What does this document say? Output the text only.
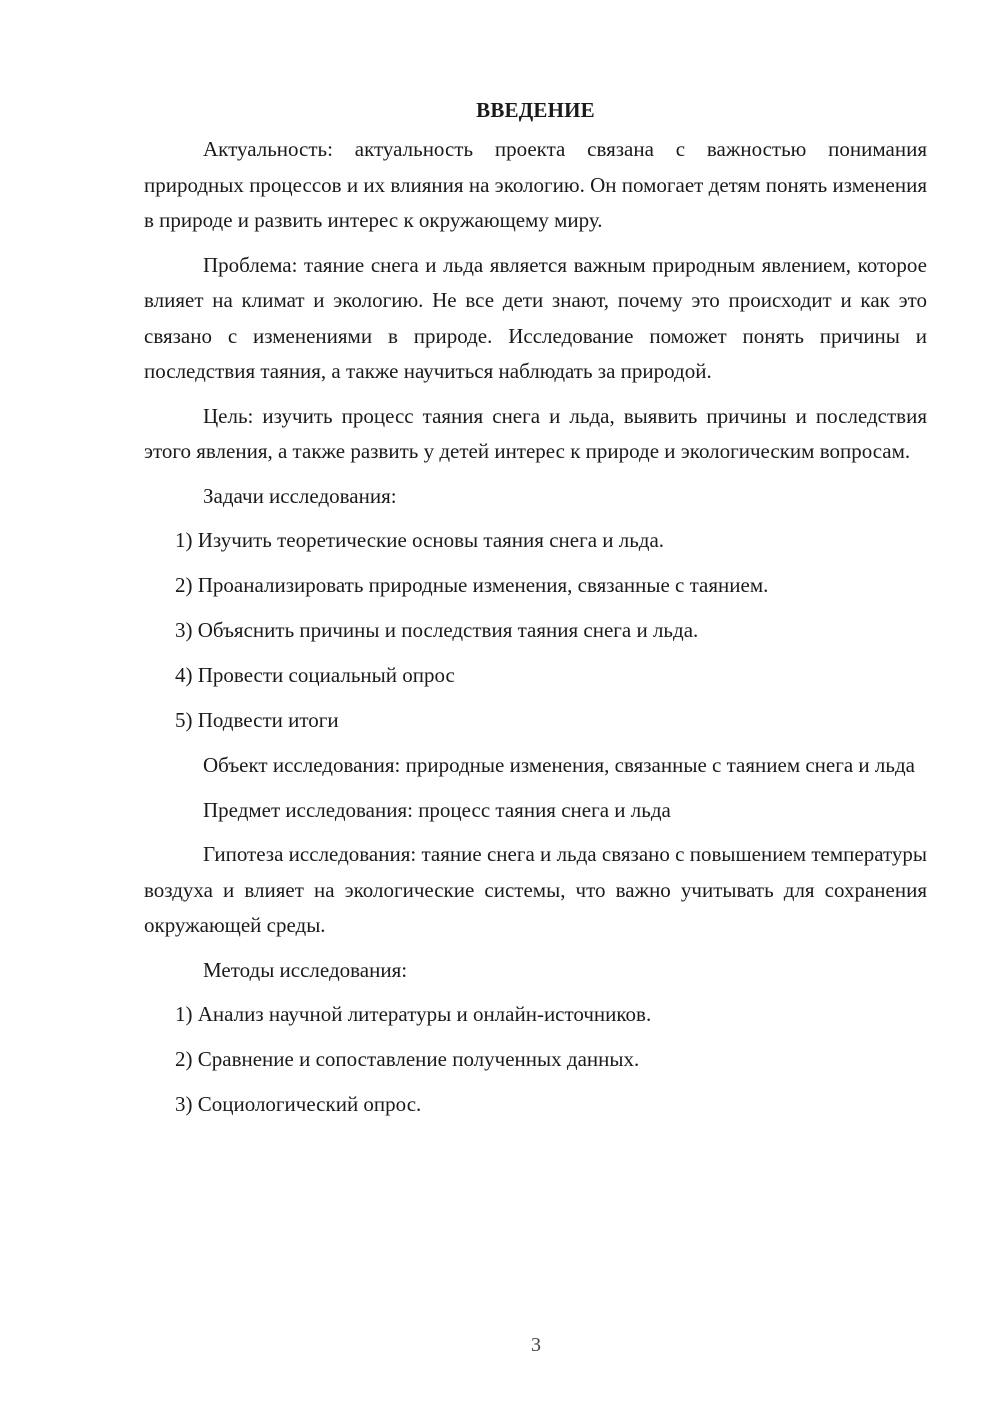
ВВЕДЕНИЕ

Актуальность: актуальность проекта связана с важностью понимания природных процессов и их влияния на экологию. Он помогает детям понять изменения в природе и развить интерес к окружающему миру.

Проблема: таяние снега и льда является важным природным явлением, которое влияет на климат и экологию. Не все дети знают, почему это происходит и как это связано с изменениями в природе. Исследование поможет понять причины и последствия таяния, а также научиться наблюдать за природой.

Цель: изучить процесс таяния снега и льда, выявить причины и последствия этого явления, а также развить у детей интерес к природе и экологическим вопросам.

Задачи исследования:
1) Изучить теоретические основы таяния снега и льда.
2) Проанализировать природные изменения, связанные с таянием.
3) Объяснить причины и последствия таяния снега и льда.
4) Провести социальный опрос
5) Подвести итоги

Объект исследования: природные изменения, связанные с таянием снега и льда

Предмет исследования: процесс таяния снега и льда

Гипотеза исследования: таяние снега и льда связано с повышением температуры воздуха и влияет на экологические системы, что важно учитывать для сохранения окружающей среды.

Методы исследования:
1) Анализ научной литературы и онлайн-источников.
2) Сравнение и сопоставление полученных данных.
3) Социологический опрос.
3
